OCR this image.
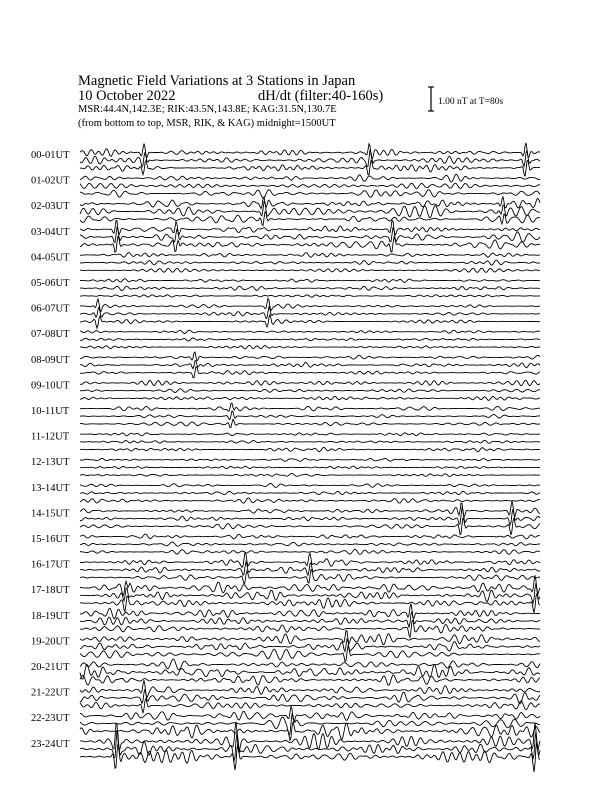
Magnetic Field Variations at 3 Stations in Japan
10 October 2022	dH/dt (filter:40-160s)
MSR:44.4N,142.3E; RIK:43.5N,143.8E; KAG:31.5N,130.7E
(from bottom to top, MSR, RIK, & KAG) midnight=1500UT
1.00 nT at T=80s
00-01UT
01-02UT
02-03UT
03-04UT
04-05UT
05-06UT
06-07UT
07-08UT
08-09UT
09-10UT
10-11UT
11-12UT
12-13UT
13-14UT
14-15UT
15-16UT
16-17UT
17-18UT
18-19UT
19-20UT
20-21UT
21-22UT
22-23UT
23-24UT
